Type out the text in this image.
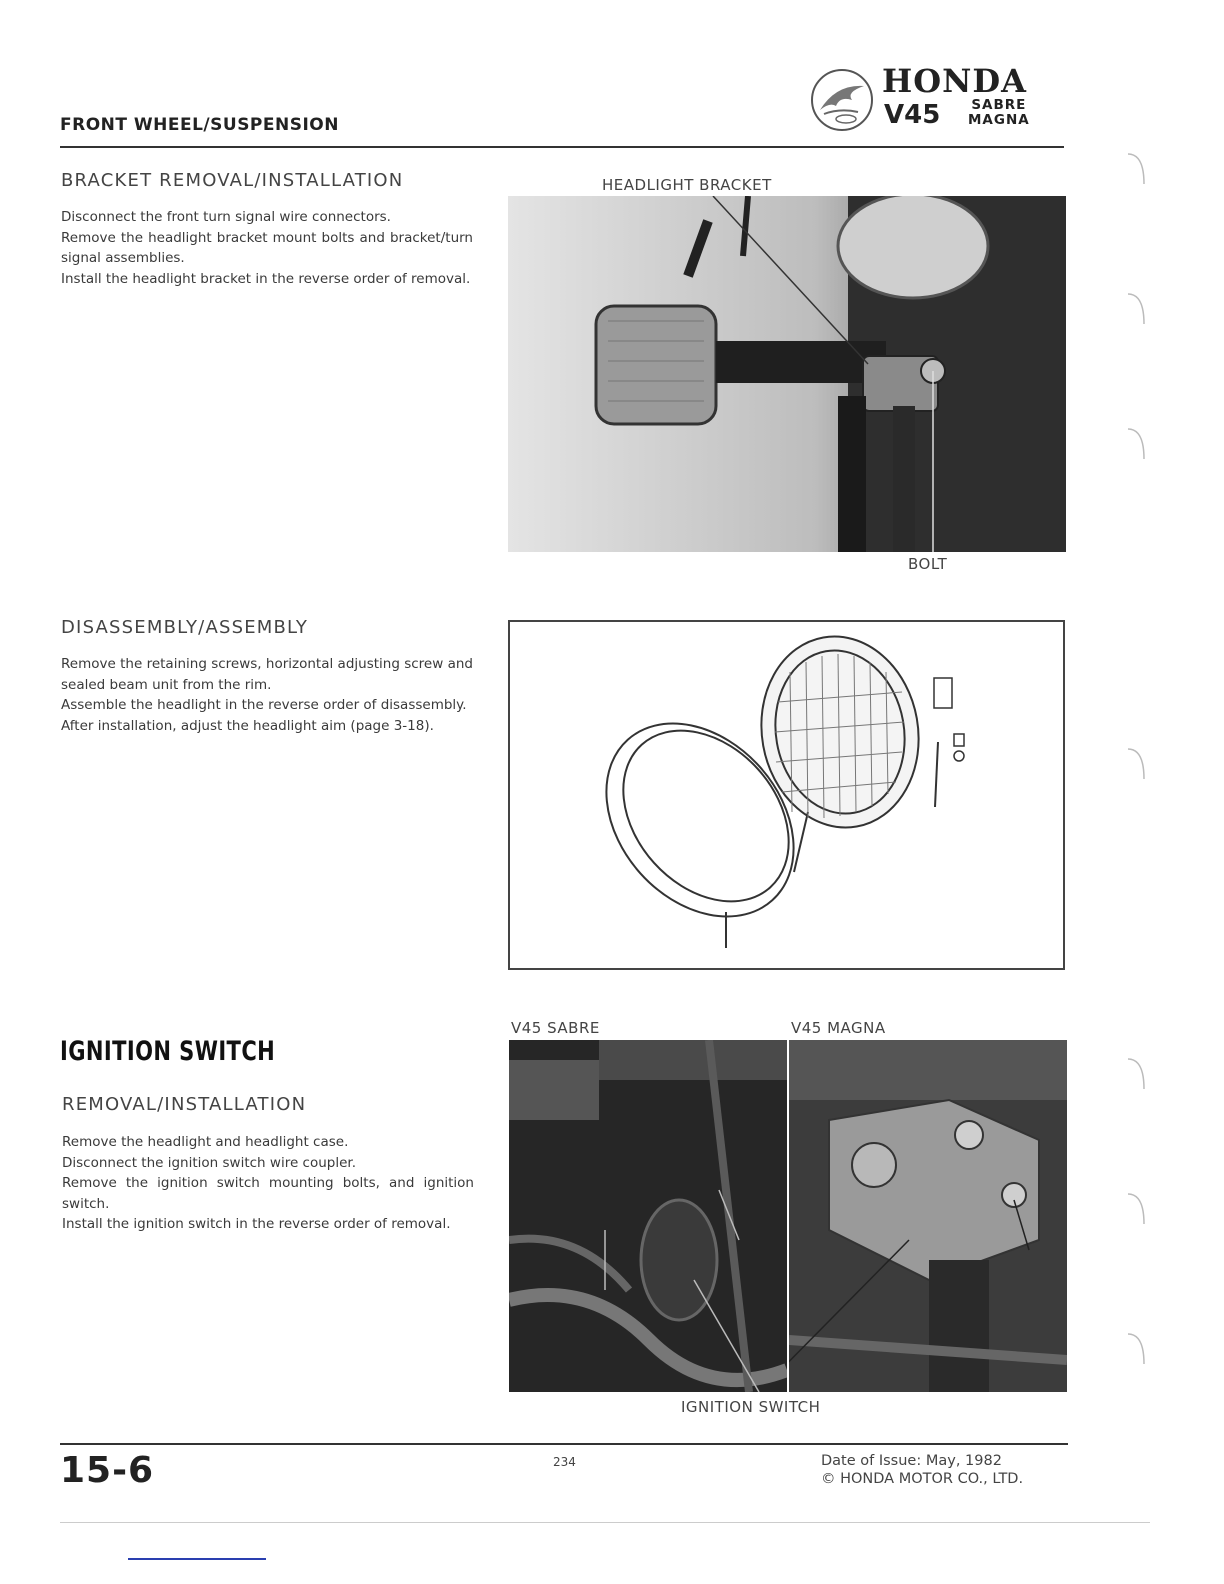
FRONT WHEEL/SUSPENSION
HONDA
V45 SABRE
MAGNA
BRACKET REMOVAL/INSTALLATION

Disconnect the front turn signal wire connectors.

Remove the headlight bracket mount bolts and bracket/turn signal assemblies.

Install the headlight bracket in the reverse order of removal.

HEADLIGHT BRACKET
BOLT
DISASSEMBLY/ASSEMBLY

Remove the retaining screws, horizontal adjusting screw and sealed beam unit from the rim.

Assemble the headlight in the reverse order of disassembly.

After installation, adjust the headlight aim (page 3-18).

IGNITION SWITCH
REMOVAL/INSTALLATION

Remove the headlight and headlight case.

Disconnect the ignition switch wire coupler.

Remove the ignition switch mounting bolts, and ignition switch.

Install the ignition switch in the reverse order of removal.

V45 SABRE	V45 MAGNA
IGNITION SWITCH
15-6	234	Date of Issue: May, 1982
© HONDA MOTOR CO., LTD.
